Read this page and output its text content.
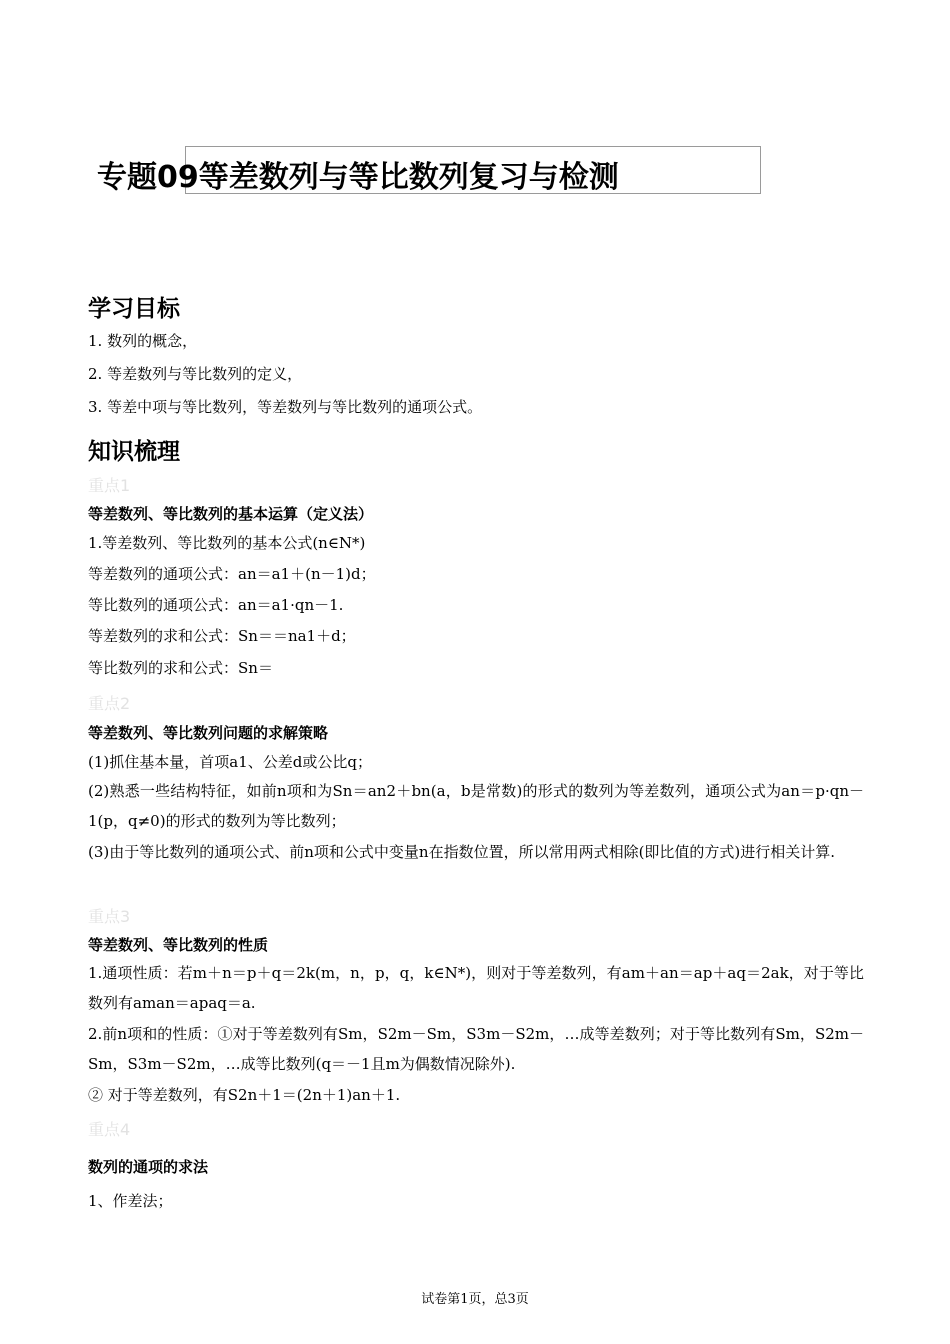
专题09等差数列与等比数列复习与检测
学习目标
1. 数列的概念，
2. 等差数列与等比数列的定义，
3. 等差中项与等比数列，等差数列与等比数列的通项公式。
知识梳理
重点1
等差数列、等比数列的基本运算（定义法）
1.等差数列、等比数列的基本公式(n∈N*)
等差数列的通项公式：an＝a1＋(n－1)d；
等比数列的通项公式：an＝a1·qn－1.
等差数列的求和公式：Sn＝＝na1＋d；
等比数列的求和公式：Sn＝
重点2
等差数列、等比数列问题的求解策略
(1)抓住基本量，首项a1、公差d或公比q；
(2)熟悉一些结构特征，如前n项和为Sn＝an2＋bn(a，b是常数)的形式的数列为等差数列，通项公式为an＝p·qn－1(p，q≠0)的形式的数列为等比数列；
(3)由于等比数列的通项公式、前n项和公式中变量n在指数位置，所以常用两式相除(即比值的方式)进行相关计算.
重点3
等差数列、等比数列的性质
1.通项性质：若m＋n＝p＋q＝2k(m，n，p，q，k∈N*)，则对于等差数列，有am＋an＝ap＋aq＝2ak，对于等比数列有aman＝apaq＝a.
2.前n项和的性质：①对于等差数列有Sm，S2m－Sm，S3m－S2m，…成等差数列；对于等比数列有Sm，S2m－Sm，S3m－S2m，…成等比数列(q＝－1且m为偶数情况除外).
② 对于等差数列，有S2n＋1＝(2n＋1)an＋1.
重点4
数列的通项的求法
1、作差法；
试卷第1页，总3页
